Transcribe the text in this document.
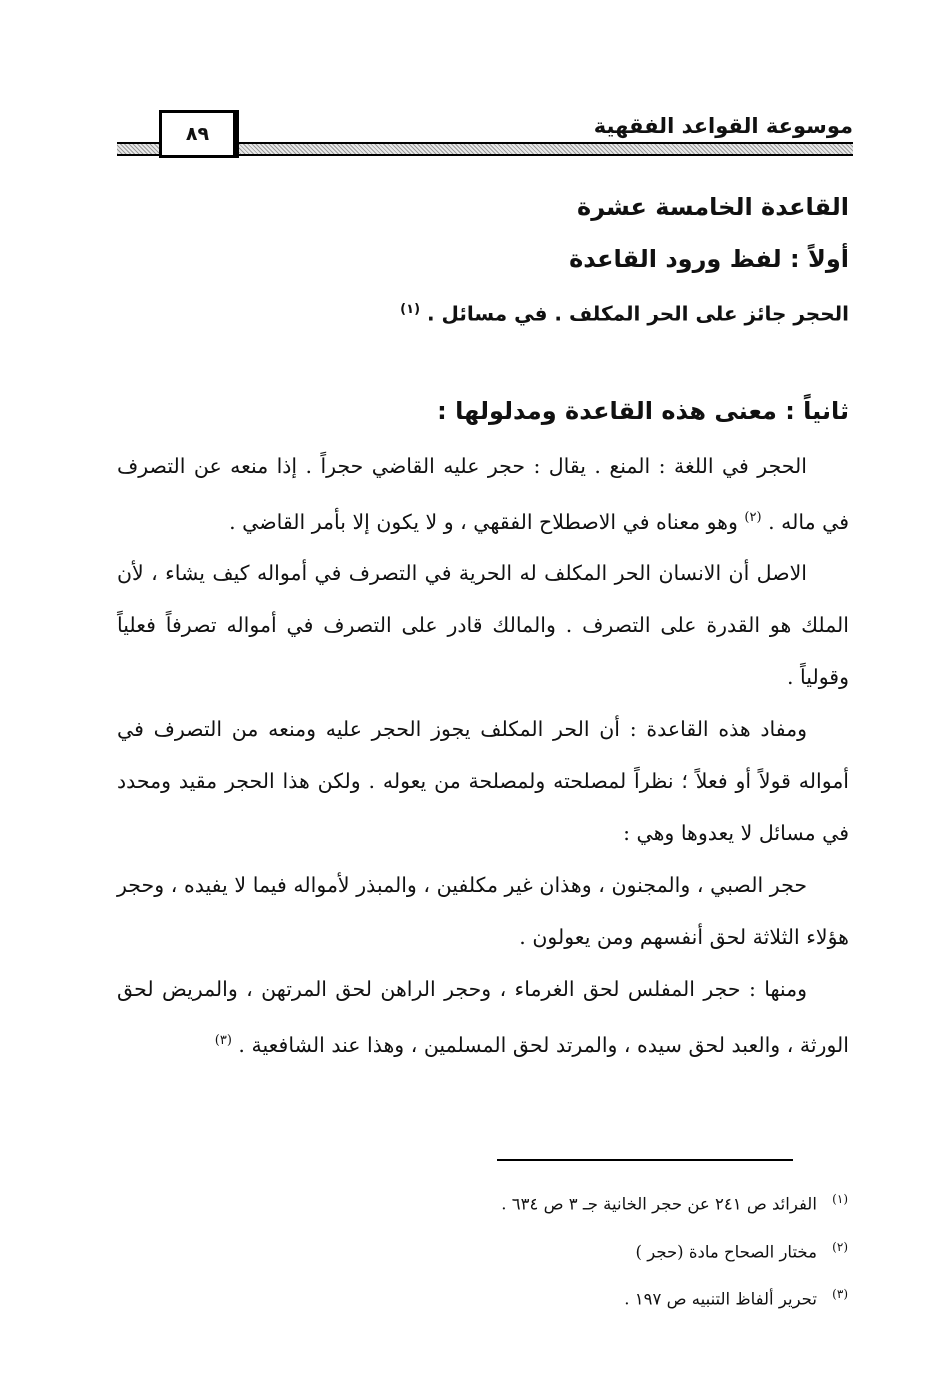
موسوعة القواعد الفقهية
٨٩
القاعدة الخامسة عشرة
أولاً : لفظ ورود القاعدة
الحجر جائز على الحر المكلف . في مسائل . $^{(١)}$
ثانياً : معنى هذه القاعدة ومدلولها :

الحجر في اللغة : المنع . يقال : حجر عليه القاضي حجراً . إذا منعه عن التصرف في ماله . $^{(٢)}$ وهو معناه في الاصطلاح الفقهي ، و لا يكون إلا بأمر القاضي .

الاصل أن الانسان الحر المكلف له الحرية في التصرف في أمواله كيف يشاء ، لأن الملك هو القدرة على التصرف . والمالك قادر على التصرف في أمواله تصرفاً فعلياً وقولياً .

ومفاد هذه القاعدة : أن الحر المكلف يجوز الحجر عليه ومنعه من التصرف في أمواله قولاً أو فعلاً ؛ نظراً لمصلحته ولمصلحة من يعوله . ولكن هذا الحجر مقيد ومحدد في مسائل لا يعدوها وهي :

حجر الصبي ، والمجنون ، وهذان غير مكلفين ، والمبذر لأمواله فيما لا يفيده ، وحجر هؤلاء الثلاثة لحق أنفسهم ومن يعولون .

ومنها : حجر المفلس لحق الغرماء ، وحجر الراهن لحق المرتهن ، والمريض لحق الورثة ، والعبد لحق سيده ، والمرتد لحق المسلمين ، وهذا عند الشافعية . $^{(٣)}$

$^{(١)}$ الفرائد ص ٢٤١ عن حجر الخانية جـ ٣ ص ٦٣٤ .

$^{(٢)}$ مختار الصحاح مادة (حجر )

$^{(٣)}$ تحرير ألفاظ التنبيه ص ١٩٧ .
